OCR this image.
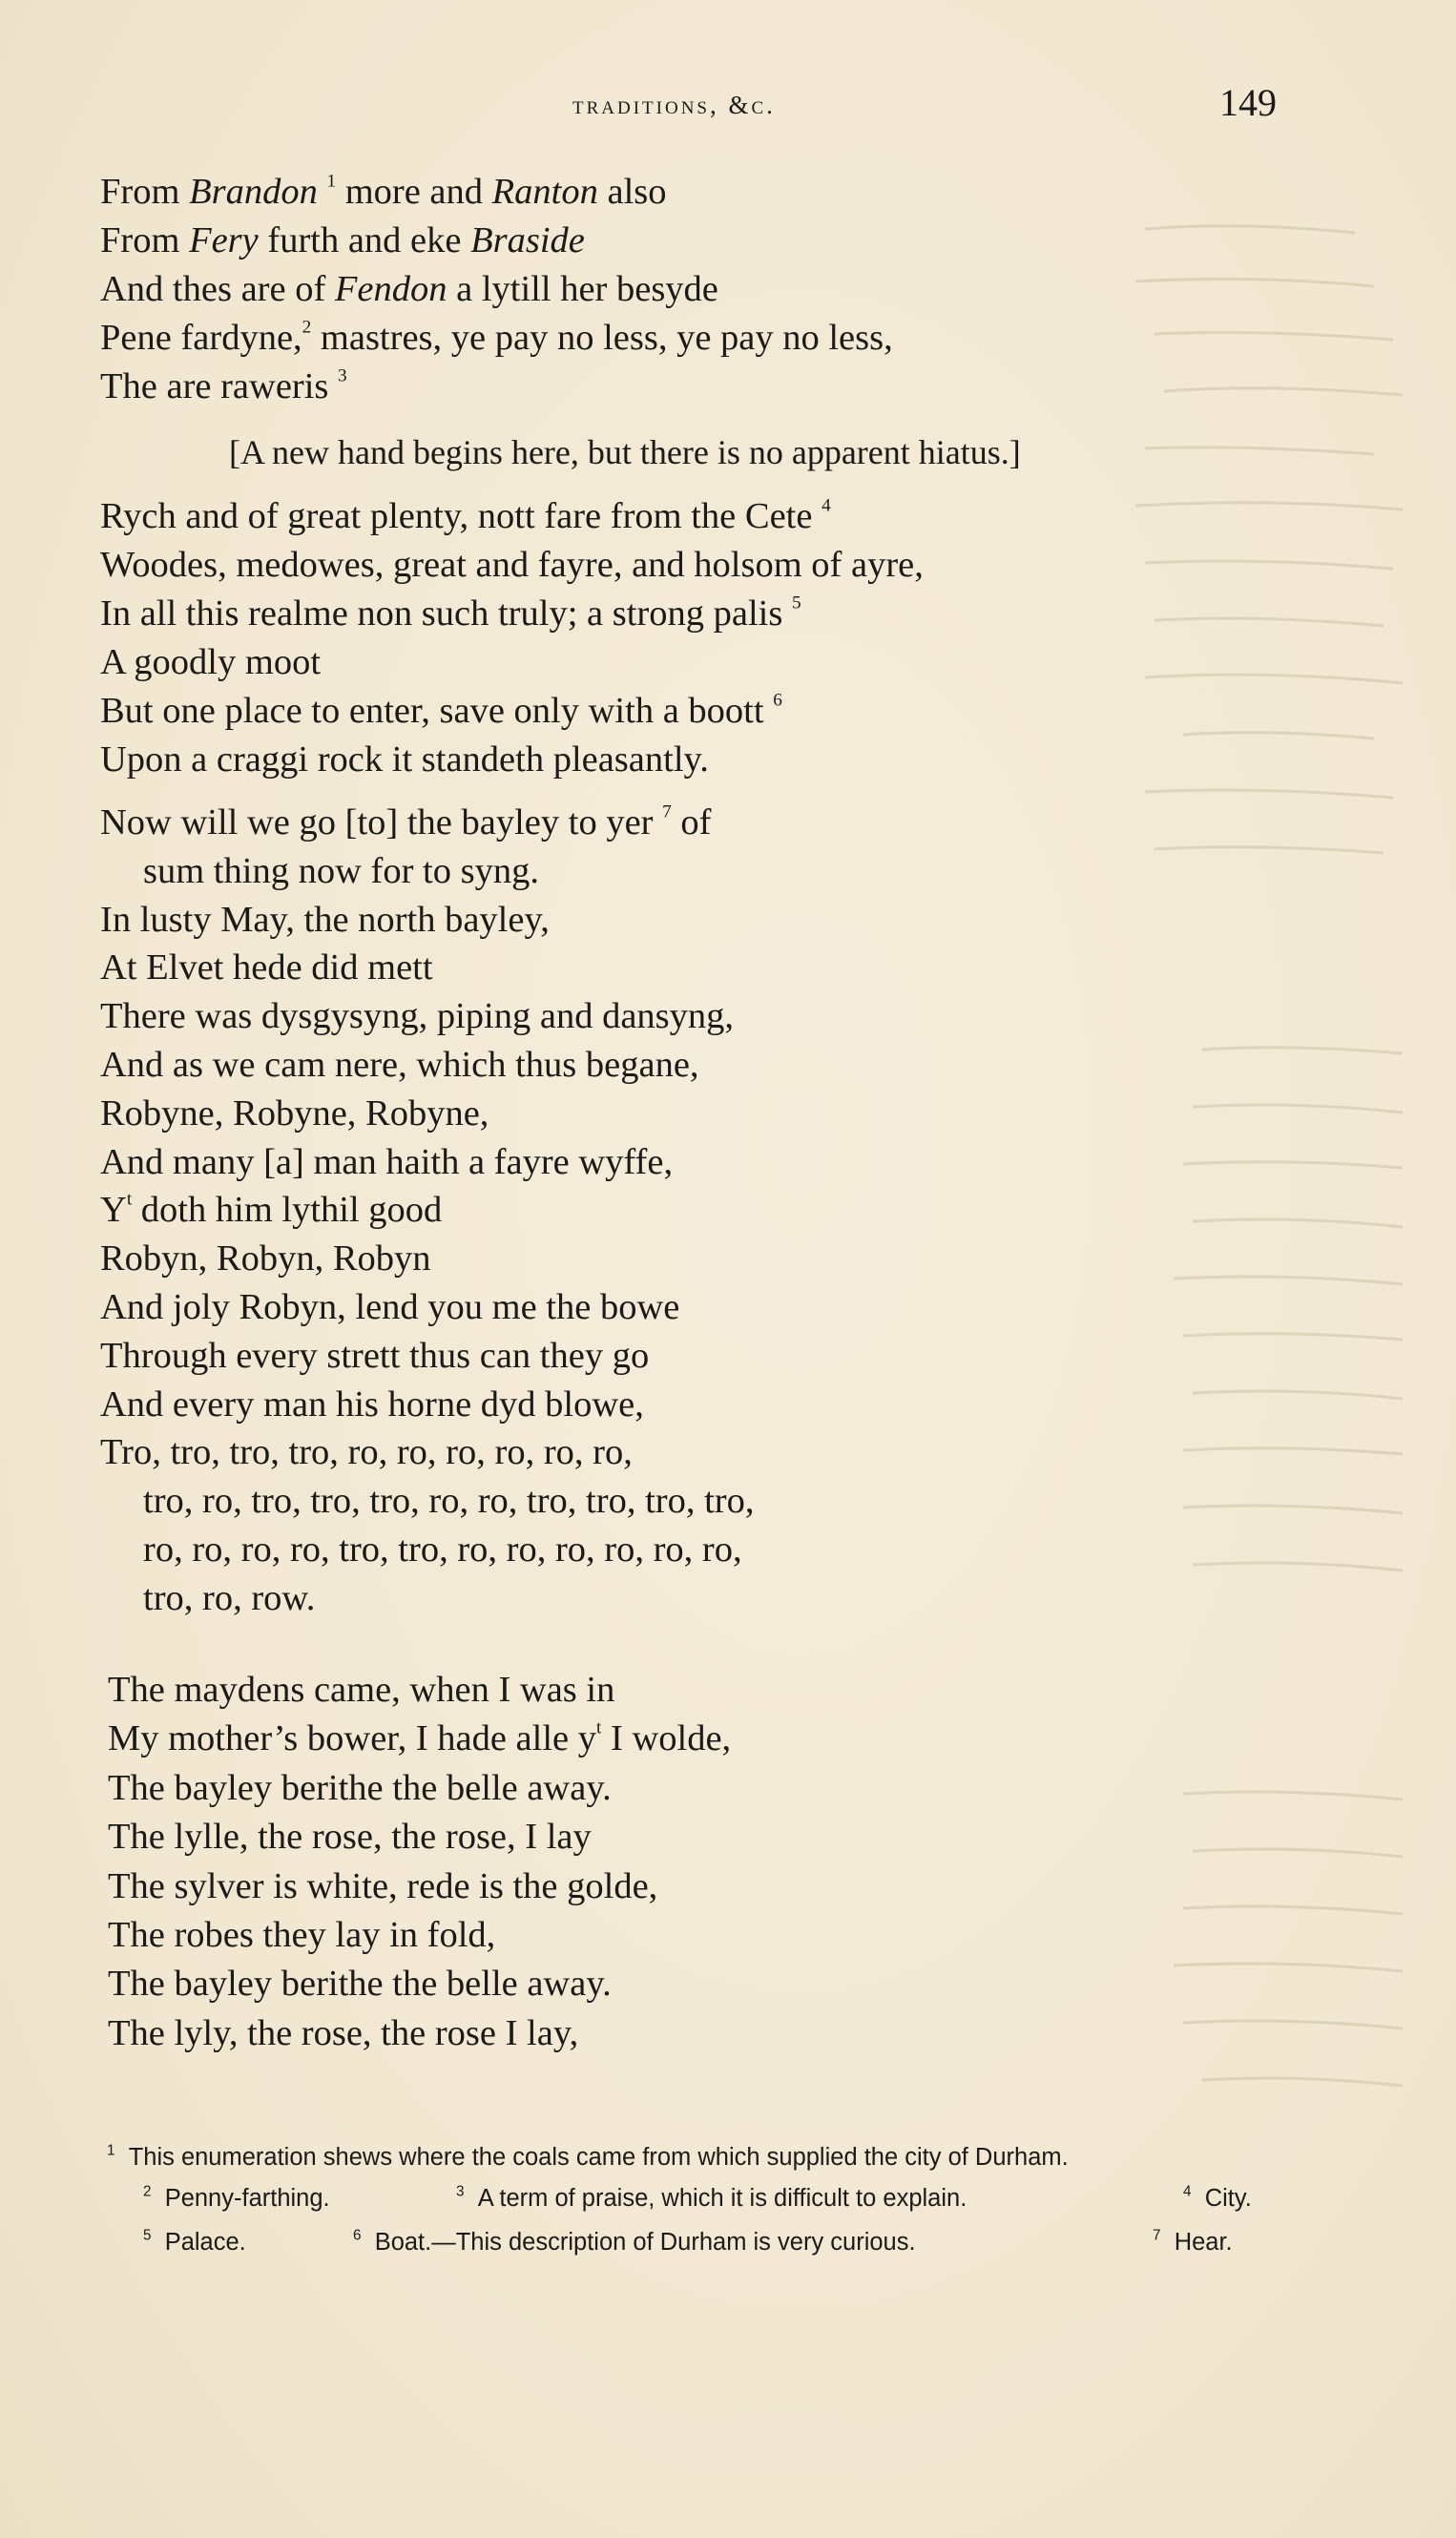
traditions, &c.	149
From Brandon $^1$ more and Ranton also
From Fery furth and eke Braside
And thes are of Fendon a lytill her besyde
Pene fardyne,$^2$ mastres, ye pay no less, ye pay no less,
The are raweris $^3$
Rych and of great plenty, nott fare from the Cete $^4$
Woodes, medowes, great and fayre, and holsom of ayre,
In all this realme non such truly; a strong palis $^5$
A goodly moot
But one place to enter, save only with a boott $^6$
Upon a craggi rock it standeth pleasantly.
Now will we go [to] the bayley to yer $^7$ of
sum thing now for to syng.
In lusty May, the north bayley,
At Elvet hede did mett
There was dysgysyng, piping and dansyng,
And as we cam nere, which thus begane,
Robyne, Robyne, Robyne,
And many [a] man haith a fayre wyffe,
$Y^t$ doth him lythil good
Robyn, Robyn, Robyn
And joly Robyn, lend you me the bowe
Through every strett thus can they go
And every man his horne dyd blowe,
Tro, tro, tro, tro, ro, ro, ro, ro, ro, ro,
tro, ro, tro, tro, tro, ro, ro, tro, tro, tro, tro,
ro, ro, ro, ro, tro, tro, ro, ro, ro, ro, ro, ro,
tro, ro, row.
The maydens came, when I was in
My mother’s bower, I hade alle $y^t$ I wolde,
The bayley berithe the belle away.
The lylle, the rose, the rose, I lay
The sylver is white, rede is the golde,
The robes they lay in fold,
The bayley berithe the belle away.
The lyly, the rose, the rose I lay,
[A new hand begins here, but there is no apparent hiatus.]
$^1$ This enumeration shews where the coals came from which supplied the city of Durham.
$^2$ Penny-farthing.	$^3$ A term of praise, which it is difficult to explain.	$^4$ City.
$^5$ Palace.	$^6$ Boat.—This description of Durham is very curious.	$^7$ Hear.
